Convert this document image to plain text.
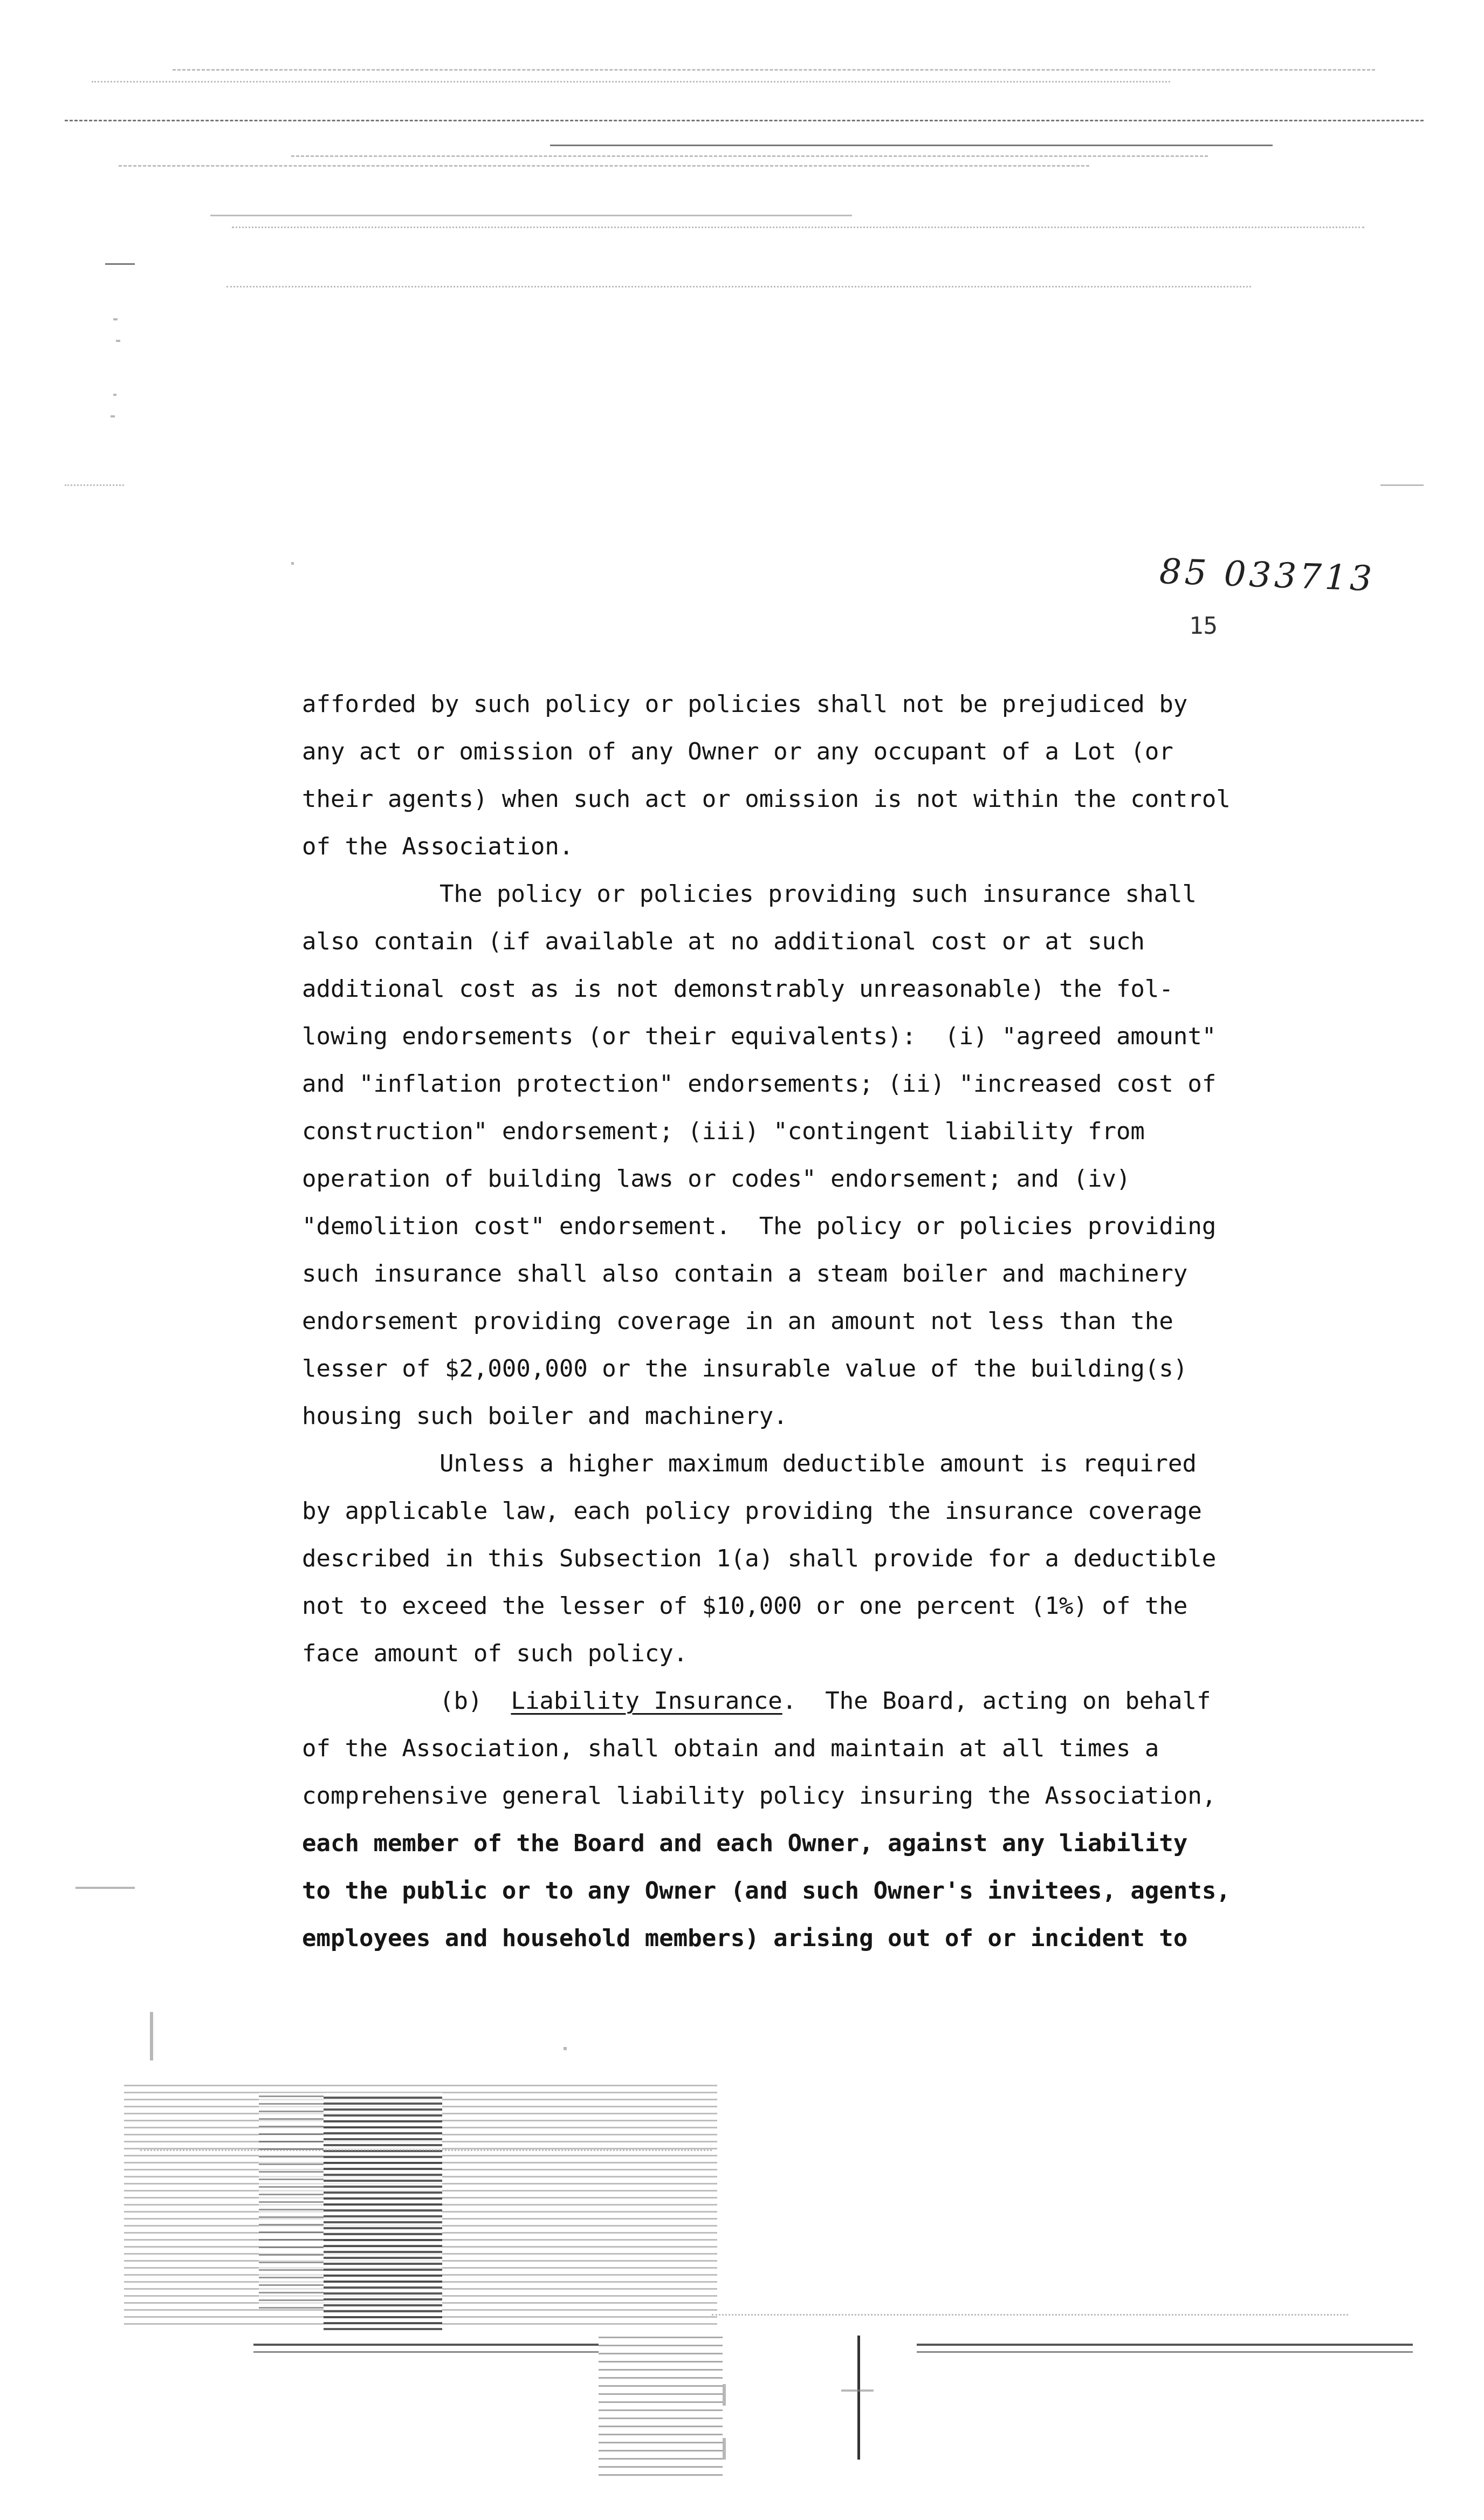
85 033713
15
afforded by such policy or policies shall not be prejudiced by
any act or omission of any Owner or any occupant of a Lot (or
their agents) when such act or omission is not within the control
of the Association.
The policy or policies providing such insurance shall
also contain (if available at no additional cost or at such
additional cost as is not demonstrably unreasonable) the fol-
lowing endorsements (or their equivalents):  (i) "agreed amount"
and "inflation protection" endorsements; (ii) "increased cost of
construction" endorsement; (iii) "contingent liability from
operation of building laws or codes" endorsement; and (iv)
"demolition cost" endorsement.  The policy or policies providing
such insurance shall also contain a steam boiler and machinery
endorsement providing coverage in an amount not less than the
lesser of $2,000,000 or the insurable value of the building(s)
housing such boiler and machinery.
Unless a higher maximum deductible amount is required
by applicable law, each policy providing the insurance coverage
described in this Subsection 1(a) shall provide for a deductible
not to exceed the lesser of $10,000 or one percent (1%) of the
face amount of such policy.
(b)  Liability Insurance.  The Board, acting on behalf
of the Association, shall obtain and maintain at all times a
comprehensive general liability policy insuring the Association,
each member of the Board and each Owner, against any liability
to the public or to any Owner (and such Owner's invitees, agents,
employees and household members) arising out of or incident to
